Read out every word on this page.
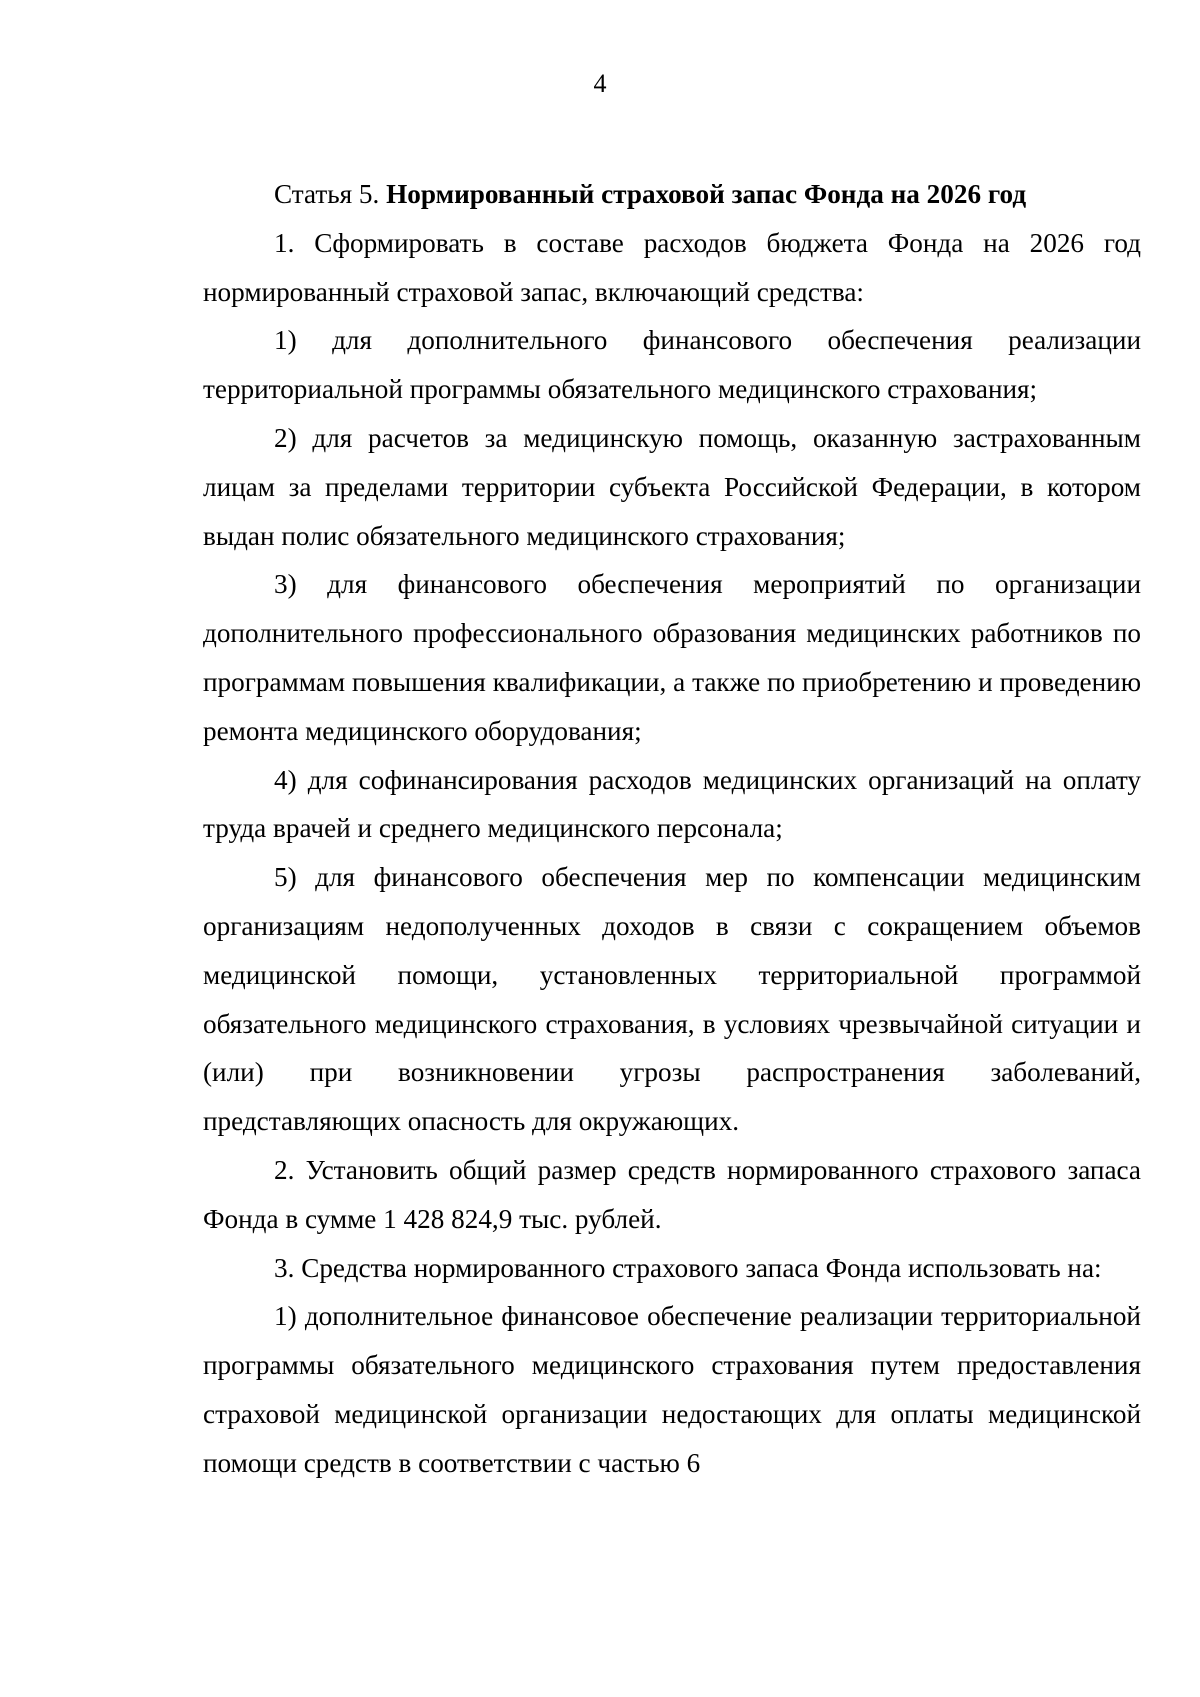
4
Статья 5. Нормированный страховой запас Фонда на 2026 год

1. Сформировать в составе расходов бюджета Фонда на 2026 год нормированный страховой запас, включающий средства:

1) для дополнительного финансового обеспечения реализации территориальной программы обязательного медицинского страхования;

2) для расчетов за медицинскую помощь, оказанную застрахованным лицам за пределами территории субъекта Российской Федерации, в котором выдан полис обязательного медицинского страхования;

3) для финансового обеспечения мероприятий по организации дополнительного профессионального образования медицинских работников по программам повышения квалификации, а также по приобретению и проведению ремонта медицинского оборудования;

4) для софинансирования расходов медицинских организаций на оплату труда врачей и среднего медицинского персонала;

5) для финансового обеспечения мер по компенсации медицинским организациям недополученных доходов в связи с сокращением объемов медицинской помощи, установленных территориальной программой обязательного медицинского страхования, в условиях чрезвычайной ситуации и (или) при возникновении угрозы распространения заболеваний, представляющих опасность для окружающих.

2. Установить общий размер средств нормированного страхового запаса Фонда в сумме 1 428 824,9 тыс. рублей.

3. Средства нормированного страхового запаса Фонда использовать на:

1) дополнительное финансовое обеспечение реализации территориальной программы обязательного медицинского страхования путем предоставления страховой медицинской организации недостающих для оплаты медицинской помощи средств в соответствии с частью 6
